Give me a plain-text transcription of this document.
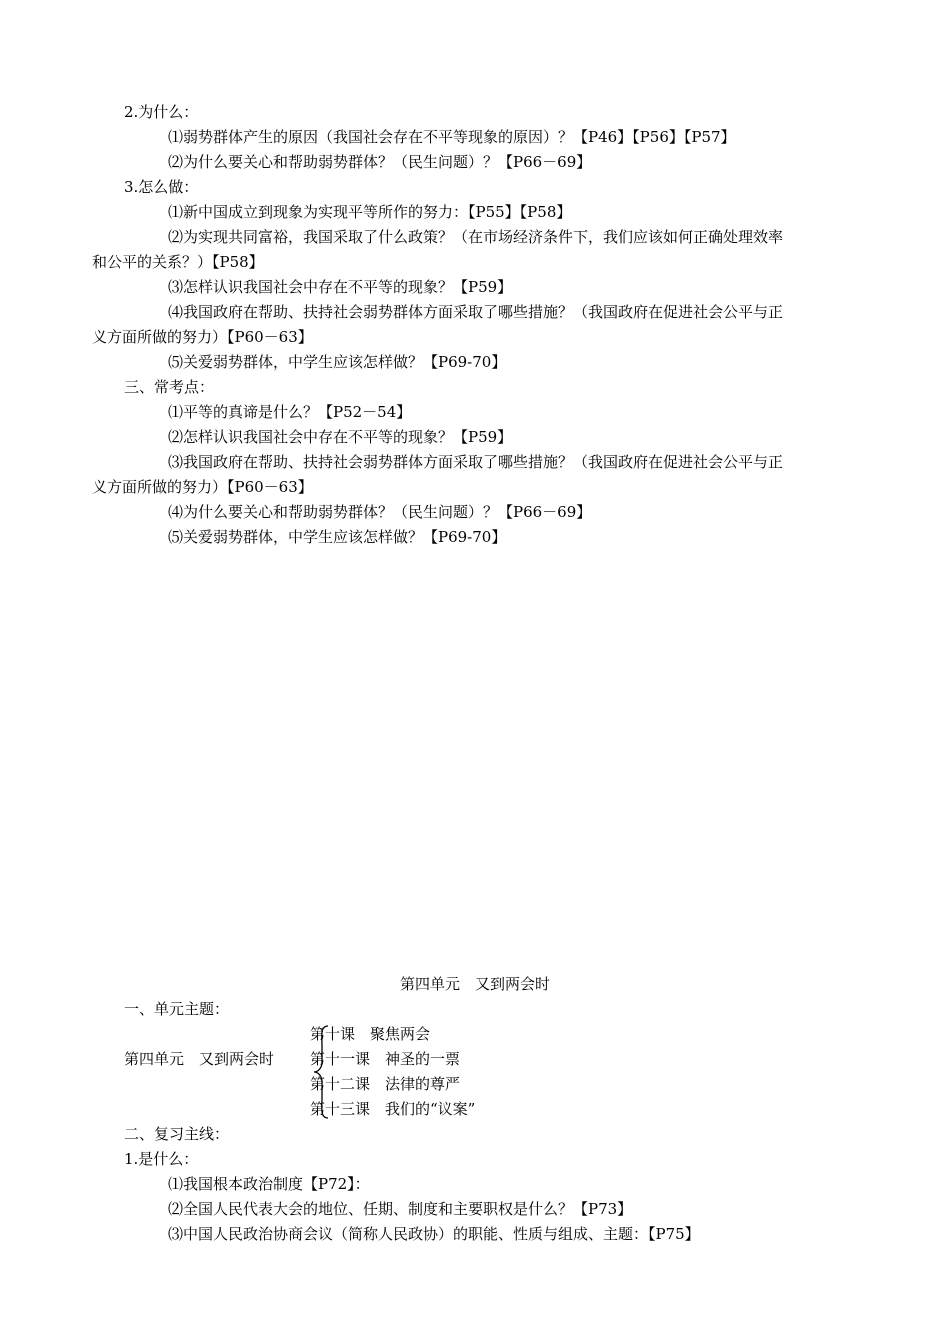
2.为什么：
⑴弱势群体产生的原因（我国社会存在不平等现象的原因）？【P46】【P56】【P57】
⑵为什么要关心和帮助弱势群体？（民生问题）？【P66－69】
3.怎么做：
⑴新中国成立到现象为实现平等所作的努力：【P55】【P58】
⑵为实现共同富裕，我国采取了什么政策？（在市场经济条件下，我们应该如何正确处理效率
和公平的关系？）【P58】
⑶怎样认识我国社会中存在不平等的现象？【P59】
⑷我国政府在帮助、扶持社会弱势群体方面采取了哪些措施？（我国政府在促进社会公平与正
义方面所做的努力）【P60－63】
⑸关爱弱势群体，中学生应该怎样做？【P69-70】
三、常考点：
⑴平等的真谛是什么？【P52－54】
⑵怎样认识我国社会中存在不平等的现象？【P59】
⑶我国政府在帮助、扶持社会弱势群体方面采取了哪些措施？（我国政府在促进社会公平与正
义方面所做的努力）【P60－63】
⑷为什么要关心和帮助弱势群体？（民生问题）？【P66－69】
⑸关爱弱势群体，中学生应该怎样做？【P69-70】
第四单元　又到两会时
一、单元主题：
第十课　聚焦两会
第四单元　又到两会时 第十一课　神圣的一票
第十二课　法律的尊严
第十三课　我们的“议案”
二、复习主线：
1.是什么：
⑴我国根本政治制度【P72】：
⑵全国人民代表大会的地位、任期、制度和主要职权是什么？【P73】
⑶中国人民政治协商会议（简称人民政协）的职能、性质与组成、主题：【P75】
